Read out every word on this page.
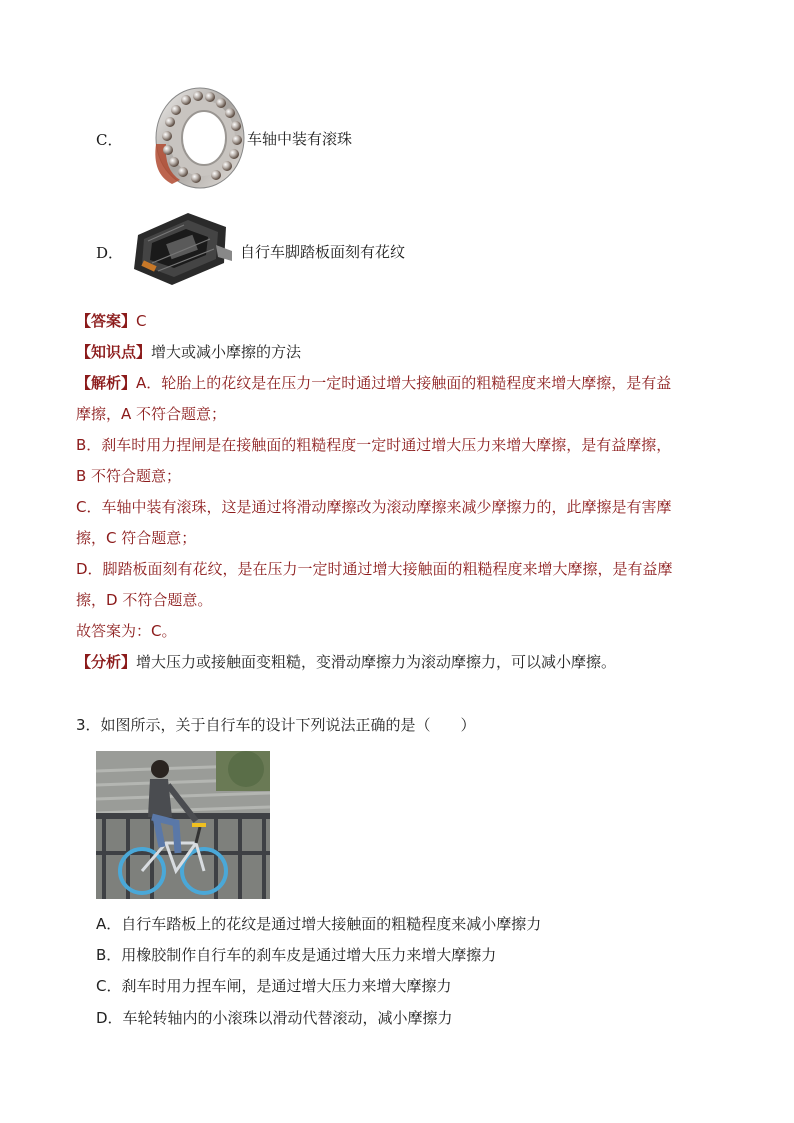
C．	车轴中装有滚珠
D．	自行车脚踏板面刻有花纹
【答案】C
【知识点】增大或减小摩擦的方法
【解析】A．轮胎上的花纹是在压力一定时通过增大接触面的粗糙程度来增大摩擦，是有益
摩擦，A 不符合题意；
B．刹车时用力捏闸是在接触面的粗糙程度一定时通过增大压力来增大摩擦，是有益摩擦，
B 不符合题意；
C．车轴中装有滚珠，这是通过将滑动摩擦改为滚动摩擦来减少摩擦力的，此摩擦是有害摩
擦，C 符合题意；
D．脚踏板面刻有花纹，是在压力一定时通过增大接触面的粗糙程度来增大摩擦，是有益摩
擦，D 不符合题意。
故答案为：C。
【分析】增大压力或接触面变粗糙，变滑动摩擦力为滚动摩擦力，可以减小摩擦。
3．如图所示，关于自行车的设计下列说法正确的是（　　）
A．自行车踏板上的花纹是通过增大接触面的粗糙程度来减小摩擦力
B．用橡胶制作自行车的刹车皮是通过增大压力来增大摩擦力
C．刹车时用力捏车闸，是通过增大压力来增大摩擦力
D．车轮转轴内的小滚珠以滑动代替滚动，减小摩擦力
